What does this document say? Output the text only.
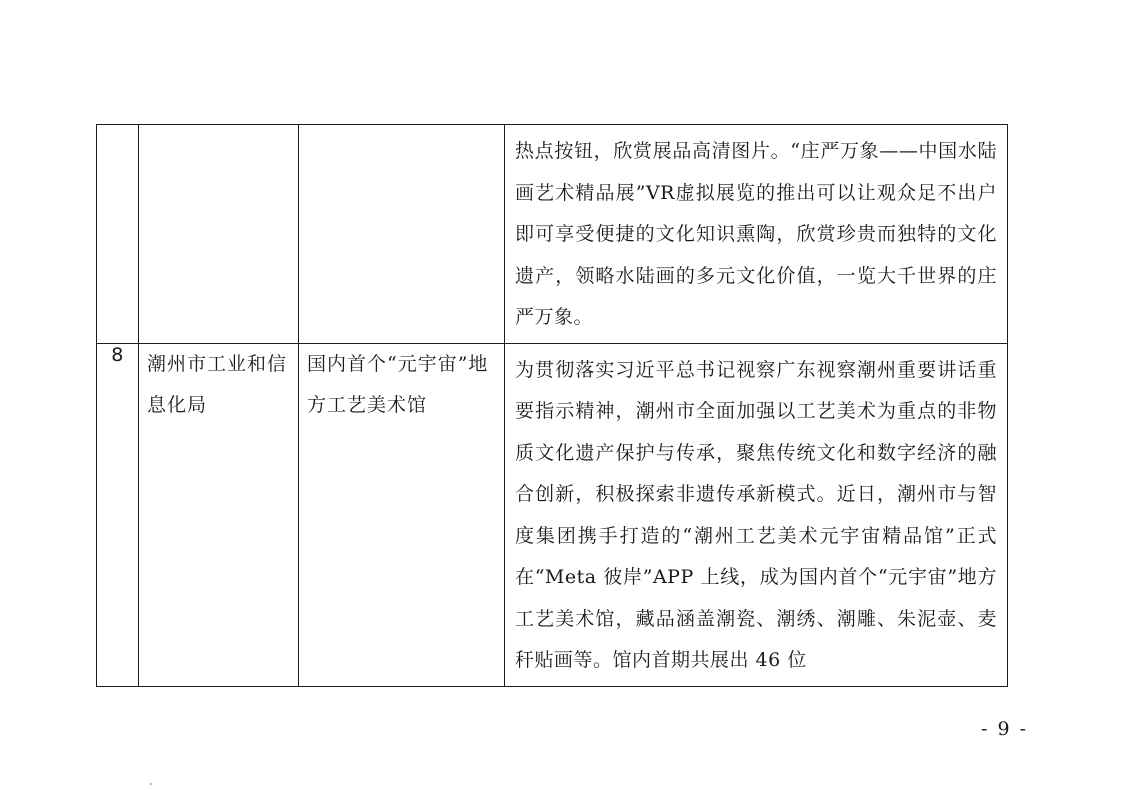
			热点按钮，欣赏展品高清图片。“庄严万象——中国水陆画艺术精品展”VR虚拟展览的推出可以让观众足不出户即可享受便捷的文化知识熏陶，欣赏珍贵而独特的文化遗产，领略水陆画的多元文化价值，一览大千世界的庄严万象。

8	潮州市工业和信息化局	国内首个“元宇宙”地方工艺美术馆	为贯彻落实习近平总书记视察广东视察潮州重要讲话重要指示精神，潮州市全面加强以工艺美术为重点的非物质文化遗产保护与传承，聚焦传统文化和数字经济的融合创新，积极探索非遗传承新模式。近日，潮州市与智度集团携手打造的“潮州工艺美术元宇宙精品馆”正式在“Meta 彼岸”APP 上线，成为国内首个“元宇宙”地方工艺美术馆，藏品涵盖潮瓷、潮绣、潮雕、朱泥壶、麦秆贴画等。馆内首期共展出 46 位
- 9 -
